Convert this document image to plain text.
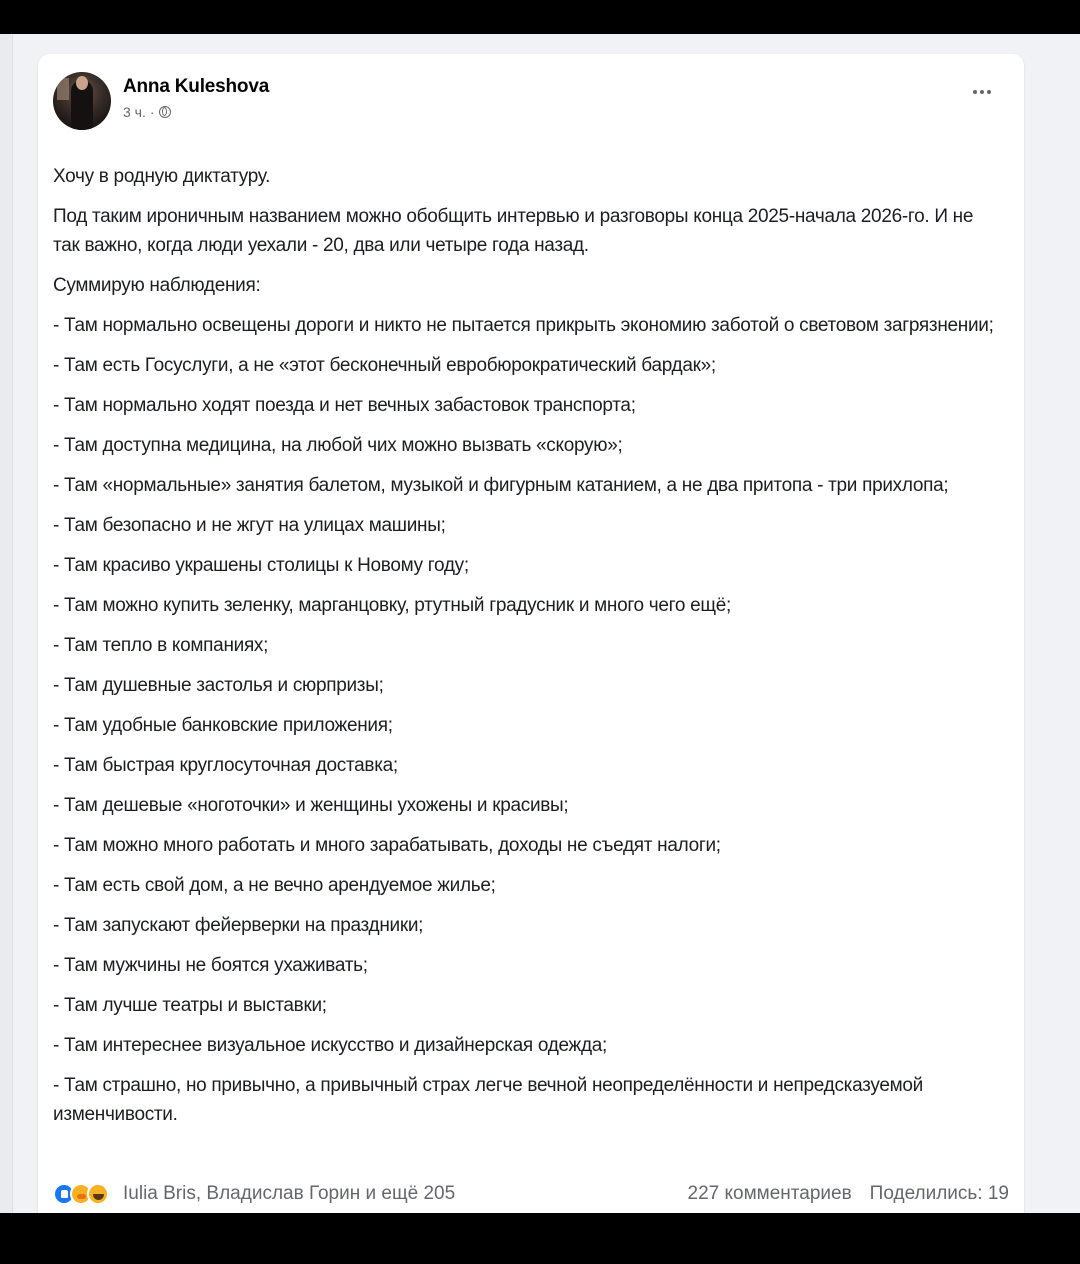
Anna Kuleshova
3 ч. ·

Хочу в родную диктатуру.

Под таким ироничным названием можно обобщить интервью и разговоры конца 2025-начала 2026-го. И не так важно, когда люди уехали - 20, два или четыре года назад.

Суммирую наблюдения:

- Там нормально освещены дороги и никто не пытается прикрыть экономию заботой о световом загрязнении;

- Там есть Госуслуги, а не «этот бесконечный евробюрократический бардак»;

- Там нормально ходят поезда и нет вечных забастовок транспорта;

- Там доступна медицина, на любой чих можно вызвать «скорую»;

- Там «нормальные» занятия балетом, музыкой и фигурным катанием, а не два притопа - три прихлопа;

- Там безопасно и не жгут на улицах машины;

- Там красиво украшены столицы к Новому году;

- Там можно купить зеленку, марганцовку, ртутный градусник и много чего ещё;

- Там тепло в компаниях;

- Там душевные застолья и сюрпризы;

- Там удобные банковские приложения;

- Там быстрая круглосуточная доставка;

- Там дешевые «ноготочки» и женщины ухожены и красивы;

- Там можно много работать и много зарабатывать, доходы не съедят налоги;

- Там есть свой дом, а не вечно арендуемое жилье;

- Там запускают фейерверки на праздники;

- Там мужчины не боятся ухаживать;

- Там лучше театры и выставки;

- Там интереснее визуальное искусство и дизайнерская одежда;

- Там страшно, но привычно, а привычный страх легче вечной неопределённости и непредсказуемой изменчивости.

Iulia Bris, Владислав Горин и ещё 205	227 комментариев Поделились: 19
